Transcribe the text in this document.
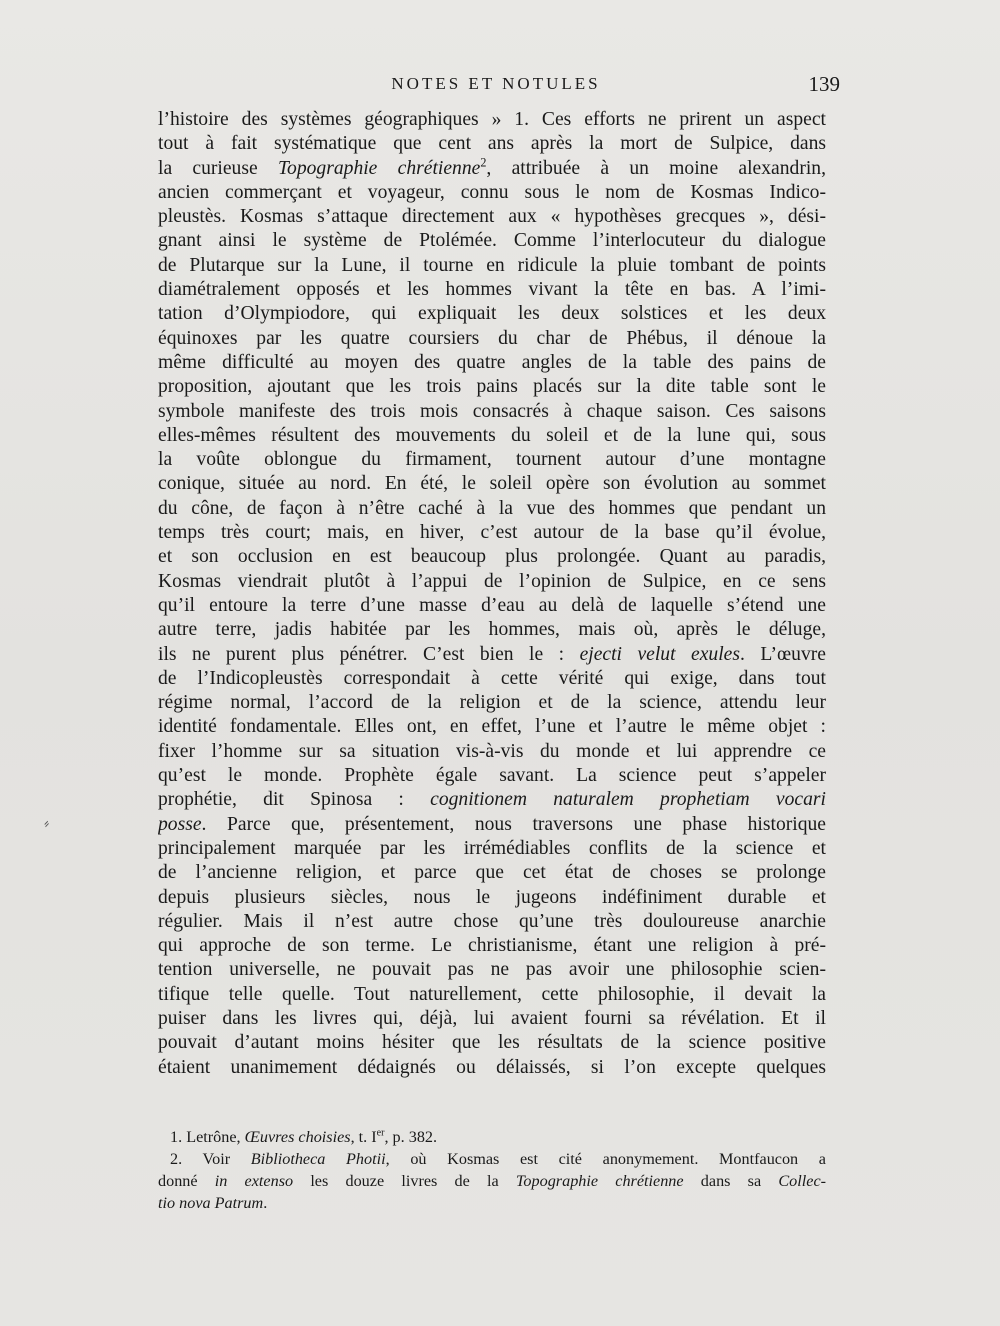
NOTES ET NOTULES	139
⸗
l’histoire des systèmes géographiques » 1. Ces efforts ne prirent un aspect
tout à fait systématique que cent ans après la mort de Sulpice, dans
la curieuse Topographie chrétienne$^2$, attribuée à un moine alexandrin,
ancien commerçant et voyageur, connu sous le nom de Kosmas Indico-
pleustès. Kosmas s’attaque directement aux « hypothèses grecques », dési-
gnant ainsi le système de Ptolémée. Comme l’interlocuteur du dialogue
de Plutarque sur la Lune, il tourne en ridicule la pluie tombant de points
diamétralement opposés et les hommes vivant la tête en bas. A l’imi-
tation d’Olympiodore, qui expliquait les deux solstices et les deux
équinoxes par les quatre coursiers du char de Phébus, il dénoue la
même difficulté au moyen des quatre angles de la table des pains de
proposition, ajoutant que les trois pains placés sur la dite table sont le
symbole manifeste des trois mois consacrés à chaque saison. Ces saisons
elles-mêmes résultent des mouvements du soleil et de la lune qui, sous
la voûte oblongue du firmament, tournent autour d’une montagne
conique, située au nord. En été, le soleil opère son évolution au sommet
du cône, de façon à n’être caché à la vue des hommes que pendant un
temps très court; mais, en hiver, c’est autour de la base qu’il évolue,
et son occlusion en est beaucoup plus prolongée. Quant au paradis,
Kosmas viendrait plutôt à l’appui de l’opinion de Sulpice, en ce sens
qu’il entoure la terre d’une masse d’eau au delà de laquelle s’étend une
autre terre, jadis habitée par les hommes, mais où, après le déluge,
ils ne purent plus pénétrer. C’est bien le : ejecti velut exules. L’œuvre
de l’Indicopleustès correspondait à cette vérité qui exige, dans tout
régime normal, l’accord de la religion et de la science, attendu leur
identité fondamentale. Elles ont, en effet, l’une et l’autre le même objet :
fixer l’homme sur sa situation vis-à-vis du monde et lui apprendre ce
qu’est le monde. Prophète égale savant. La science peut s’appeler
prophétie, dit Spinosa : cognitionem naturalem prophetiam vocari
posse. Parce que, présentement, nous traversons une phase historique
principalement marquée par les irrémédiables conflits de la science et
de l’ancienne religion, et parce que cet état de choses se prolonge
depuis plusieurs siècles, nous le jugeons indéfiniment durable et
régulier. Mais il n’est autre chose qu’une très douloureuse anarchie
qui approche de son terme. Le christianisme, étant une religion à pré-
tention universelle, ne pouvait pas ne pas avoir une philosophie scien-
tifique telle quelle. Tout naturellement, cette philosophie, il devait la
puiser dans les livres qui, déjà, lui avaient fourni sa révélation. Et il
pouvait d’autant moins hésiter que les résultats de la science positive
étaient unanimement dédaignés ou délaissés, si l’on excepte quelques
1. Letrône, Œuvres choisies, t. Ier, p. 382.
2. Voir Bibliotheca Photii, où Kosmas est cité anonymement. Montfaucon a
donné in extenso les douze livres de la Topographie chrétienne dans sa Collec-
tio nova Patrum.
